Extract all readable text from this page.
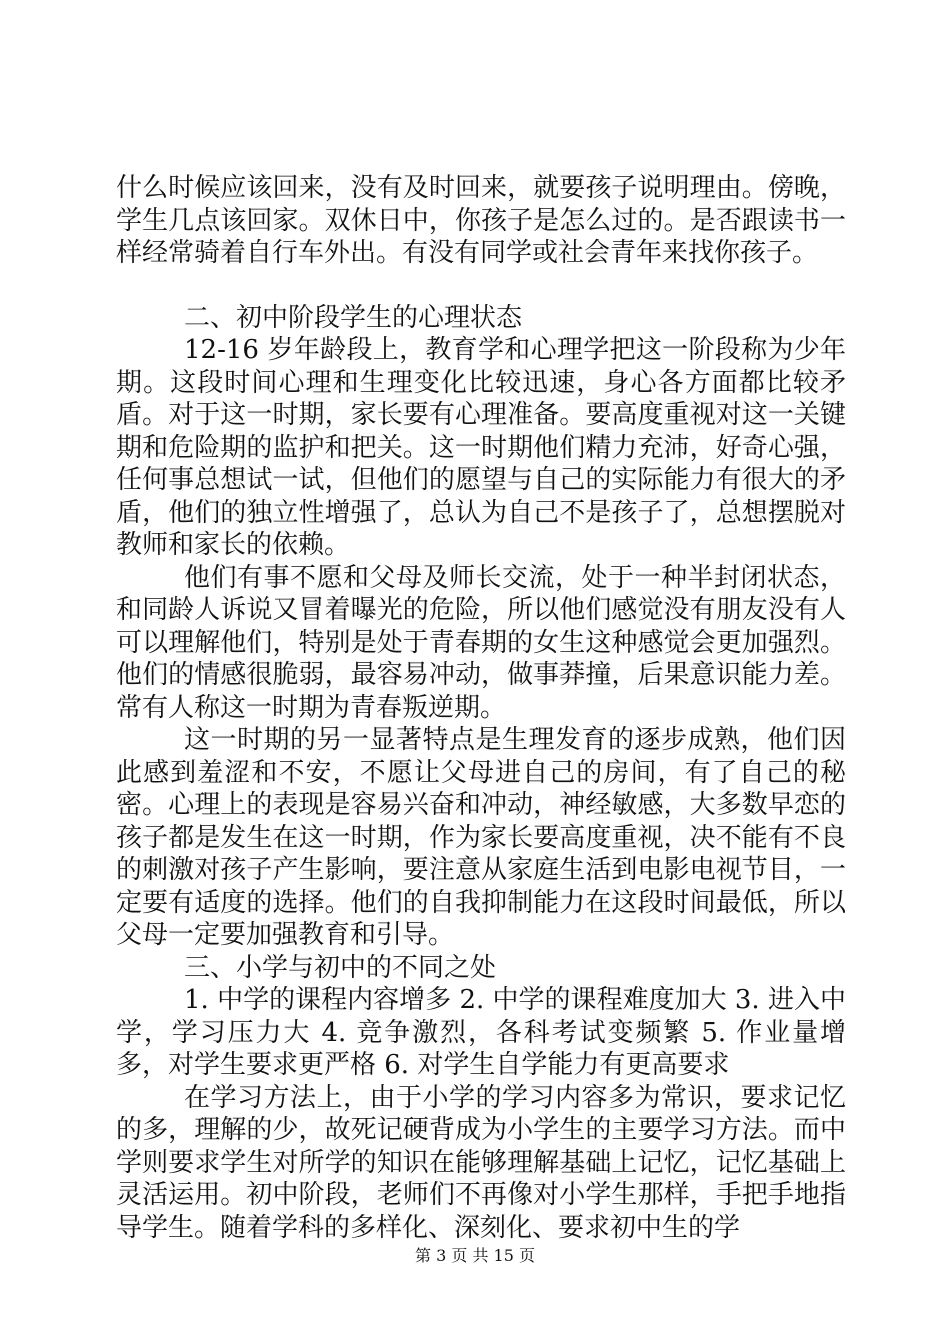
什么时候应该回来，没有及时回来，就要孩子说明理由。傍晚，学生几点该回家。双休日中，你孩子是怎么过的。是否跟读书一样经常骑着自行车外出。有没有同学或社会青年来找你孩子。

二、初中阶段学生的心理状态

12-16 岁年龄段上，教育学和心理学把这一阶段称为少年期。这段时间心理和生理变化比较迅速，身心各方面都比较矛盾。对于这一时期，家长要有心理准备。要高度重视对这一关键期和危险期的监护和把关。这一时期他们精力充沛，好奇心强，任何事总想试一试，但他们的愿望与自己的实际能力有很大的矛盾，他们的独立性增强了，总认为自己不是孩子了，总想摆脱对教师和家长的依赖。

他们有事不愿和父母及师长交流，处于一种半封闭状态，和同龄人诉说又冒着曝光的危险，所以他们感觉没有朋友没有人可以理解他们，特别是处于青春期的女生这种感觉会更加强烈。他们的情感很脆弱，最容易冲动，做事莽撞，后果意识能力差。常有人称这一时期为青春叛逆期。

这一时期的另一显著特点是生理发育的逐步成熟，他们因此感到羞涩和不安，不愿让父母进自己的房间，有了自己的秘密。心理上的表现是容易兴奋和冲动，神经敏感，大多数早恋的孩子都是发生在这一时期，作为家长要高度重视，决不能有不良的刺激对孩子产生影响，要注意从家庭生活到电影电视节目，一定要有适度的选择。他们的自我抑制能力在这段时间最低，所以父母一定要加强教育和引导。

三、小学与初中的不同之处

1. 中学的课程内容增多 2. 中学的课程难度加大 3. 进入中学，学习压力大 4. 竞争激烈，各科考试变频繁 5. 作业量增多，对学生要求更严格 6. 对学生自学能力有更高要求

在学习方法上，由于小学的学习内容多为常识，要求记忆的多，理解的少，故死记硬背成为小学生的主要学习方法。而中学则要求学生对所学的知识在能够理解基础上记忆，记忆基础上灵活运用。初中阶段，老师们不再像对小学生那样，手把手地指导学生。随着学科的多样化、深刻化、要求初中生的学

第 3 页 共 15 页
